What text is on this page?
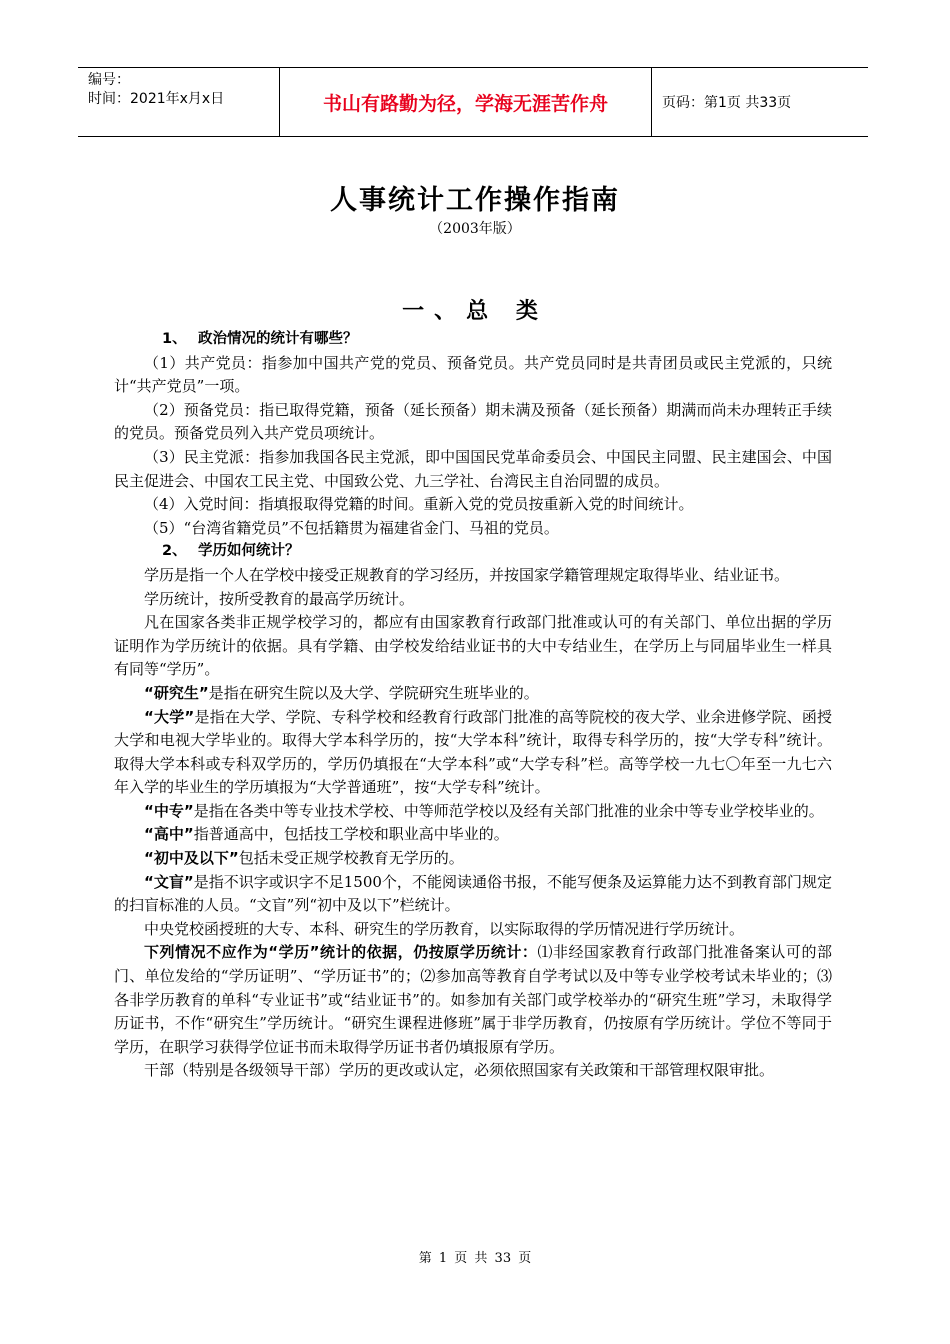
编号：
时间：2021年x月x日	书山有路勤为径，学海无涯苦作舟	页码：第1页 共33页
人事统计工作操作指南
（2003年版）
一、总 类

1、 政治情况的统计有哪些？

（1）共产党员：指参加中国共产党的党员、预备党员。共产党员同时是共青团员或民主党派的，只统计“共产党员”一项。

（2）预备党员：指已取得党籍，预备（延长预备）期未满及预备（延长预备）期满而尚未办理转正手续的党员。预备党员列入共产党员项统计。

（3）民主党派：指参加我国各民主党派，即中国国民党革命委员会、中国民主同盟、民主建国会、中国民主促进会、中国农工民主党、中国致公党、九三学社、台湾民主自治同盟的成员。

（4）入党时间：指填报取得党籍的时间。重新入党的党员按重新入党的时间统计。

（5）“台湾省籍党员”不包括籍贯为福建省金门、马祖的党员。

2、 学历如何统计？

学历是指一个人在学校中接受正规教育的学习经历，并按国家学籍管理规定取得毕业、结业证书。

学历统计，按所受教育的最高学历统计。

凡在国家各类非正规学校学习的，都应有由国家教育行政部门批准或认可的有关部门、单位出据的学历证明作为学历统计的依据。具有学籍、由学校发给结业证书的大中专结业生，在学历上与同届毕业生一样具有同等“学历”。

“研究生”是指在研究生院以及大学、学院研究生班毕业的。

“大学”是指在大学、学院、专科学校和经教育行政部门批准的高等院校的夜大学、业余进修学院、函授大学和电视大学毕业的。取得大学本科学历的，按“大学本科”统计，取得专科学历的，按“大学专科”统计。取得大学本科或专科双学历的，学历仍填报在“大学本科”或“大学专科”栏。高等学校一九七〇年至一九七六年入学的毕业生的学历填报为“大学普通班”，按“大学专科”统计。

“中专”是指在各类中等专业技术学校、中等师范学校以及经有关部门批准的业余中等专业学校毕业的。

“高中”指普通高中，包括技工学校和职业高中毕业的。

“初中及以下”包括未受正规学校教育无学历的。

“文盲”是指不识字或识字不足1500个，不能阅读通俗书报，不能写便条及运算能力达不到教育部门规定的扫盲标准的人员。“文盲”列“初中及以下”栏统计。

中央党校函授班的大专、本科、研究生的学历教育，以实际取得的学历情况进行学历统计。

下列情况不应作为“学历”统计的依据，仍按原学历统计：⑴非经国家教育行政部门批准备案认可的部门、单位发给的“学历证明”、“学历证书”的；⑵参加高等教育自学考试以及中等专业学校考试未毕业的；⑶各非学历教育的单科“专业证书”或“结业证书”的。如参加有关部门或学校举办的“研究生班”学习，未取得学历证书，不作“研究生”学历统计。“研究生课程进修班”属于非学历教育，仍按原有学历统计。学位不等同于学历，在职学习获得学位证书而未取得学历证书者仍填报原有学历。

干部（特别是各级领导干部）学历的更改或认定，必须依照国家有关政策和干部管理权限审批。

第 1 页 共 33 页
